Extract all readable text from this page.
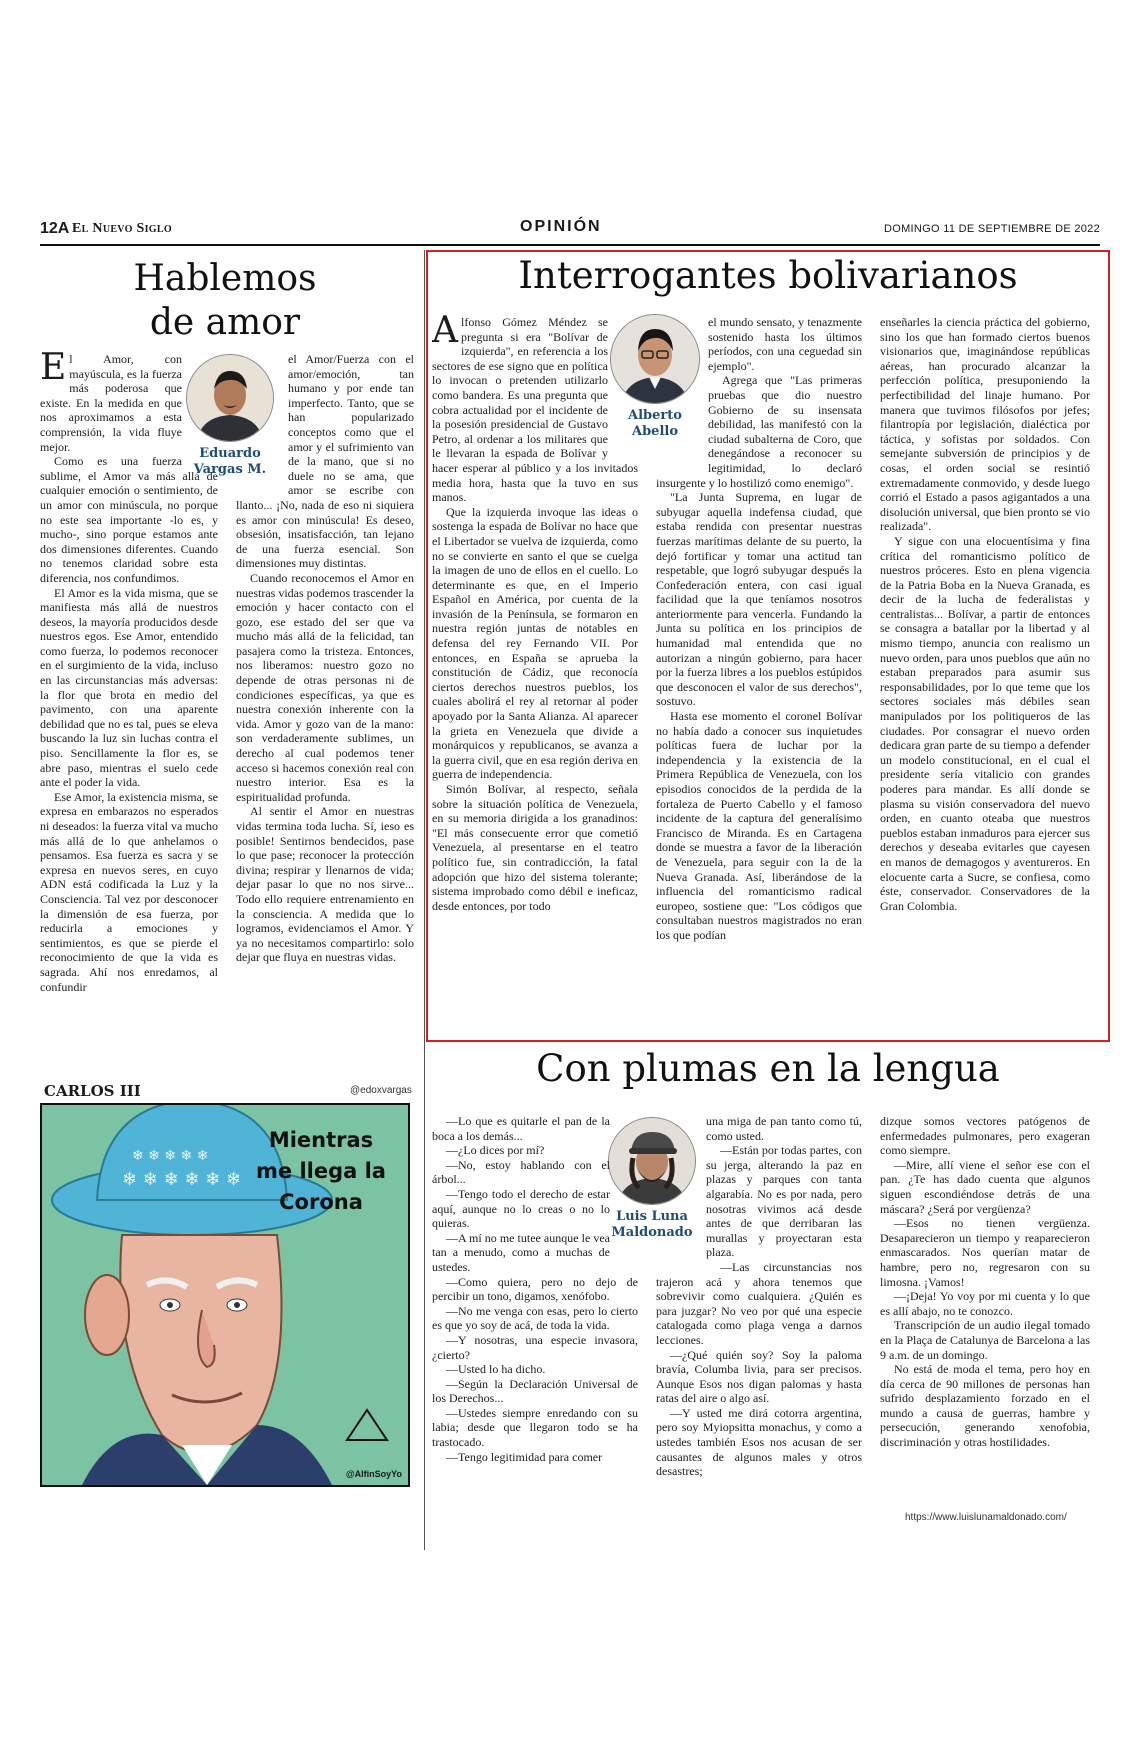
12A El Nuevo Siglo	OPINIÓN	DOMINGO 11 DE SEPTIEMBRE DE 2022
Hablemos
de amor
Eduardo
Vargas M.

El Amor, con mayúscula, es la fuerza más poderosa que existe. En la medida en que nos aproximamos a esta comprensión, la vida fluye mejor.

Como es una fuerza sublime, el Amor va más allá de cualquier emoción o sentimiento, de un amor con minúscula, no porque no este sea importante -lo es, y mucho-, sino porque estamos ante dos dimensiones diferentes. Cuando no tenemos claridad sobre esta diferencia, nos confundimos.

El Amor es la vida misma, que se manifiesta más allá de nuestros deseos, la mayoría producidos desde nuestros egos. Ese Amor, entendido como fuerza, lo podemos reconocer en el surgimiento de la vida, incluso en las circunstancias más adversas: la flor que brota en medio del pavimento, con una aparente debilidad que no es tal, pues se eleva buscando la luz sin luchas contra el piso. Sencillamente la flor es, se abre paso, mientras el suelo cede ante el poder la vida.

Ese Amor, la existencia misma, se expresa en embarazos no esperados ni deseados: la fuerza vital va mucho más allá de lo que anhelamos o pensamos. Esa fuerza es sacra y se expresa en nuevos seres, en cuyo ADN está codificada la Luz y la Consciencia. Tal vez por desconocer la dimensión de esa fuerza, por reducirla a emociones y sentimientos, es que se pierde el reconocimiento de que la vida es sagrada. Ahí nos enredamos, al confundir

el Amor/Fuerza con el amor/emoción, tan humano y por ende tan imperfecto. Tanto, que se han popularizado conceptos como que el amor y el sufrimiento van de la mano, que si no duele no se ama, que amor se escribe con llanto... ¡No, nada de eso ni siquiera es amor con minúscula! Es deseo, obsesión, insatisfacción, tan lejano de una fuerza esencial. Son dimensiones muy distintas.

Cuando reconocemos el Amor en nuestras vidas podemos trascender la emoción y hacer contacto con el gozo, ese estado del ser que va mucho más allá de la felicidad, tan pasajera como la tristeza. Entonces, nos liberamos: nuestro gozo no depende de otras personas ni de condiciones específicas, ya que es nuestra conexión inherente con la vida. Amor y gozo van de la mano: son verdaderamente sublimes, un derecho al cual podemos tener acceso si hacemos conexión real con nuestro interior. Esa es la espiritualidad profunda.

Al sentir el Amor en nuestras vidas termina toda lucha. Sí, ieso es posible! Sentirnos bendecidos, pase lo que pase; reconocer la protección divina; respirar y llenarnos de vida; dejar pasar lo que no nos sirve... Todo ello requiere entrenamiento en la consciencia. A medida que lo logramos, evidenciamos el Amor. Y ya no necesitamos compartirlo: solo dejar que fluya en nuestras vidas.

@edoxvargas
CARLOS III
❄ ❄ ❄ ❄ ❄ ❄
❄ ❄ ❄ ❄ ❄
Mientras
me llega la
Corona
@AlfinSoyYo
Interrogantes bolivarianos
Alberto
Abello

Alfonso Gómez Méndez se pregunta si era "Bolívar de izquierda", en referencia a los sectores de ese signo que en política lo invocan o pretenden utilizarlo como bandera. Es una pregunta que cobra actualidad por el incidente de la posesión presidencial de Gustavo Petro, al ordenar a los militares que le llevaran la espada de Bolívar y hacer esperar al público y a los invitados media hora, hasta que la tuvo en sus manos.

Que la izquierda invoque las ideas o sostenga la espada de Bolívar no hace que el Libertador se vuelva de izquierda, como no se convierte en santo el que se cuelga la imagen de uno de ellos en el cuello. Lo determinante es que, en el Imperio Español en América, por cuenta de la invasión de la Península, se formaron en nuestra región juntas de notables en defensa del rey Fernando VII. Por entonces, en España se aprueba la constitución de Cádiz, que reconocía ciertos derechos nuestros pueblos, los cuales abolirá el rey al retornar al poder apoyado por la Santa Alianza. Al aparecer la grieta en Venezuela que divide a monárquicos y republicanos, se avanza a la guerra civil, que en esa región deriva en guerra de independencia.

Simón Bolívar, al respecto, señala sobre la situación política de Venezuela, en su memoria dirigida a los granadinos: "El más consecuente error que cometió Venezuela, al presentarse en el teatro político fue, sin contradicción, la fatal adopción que hizo del sistema tolerante; sistema improbado como débil e ineficaz, desde entonces, por todo

el mundo sensato, y tenazmente sostenido hasta los últimos períodos, con una ceguedad sin ejemplo".

Agrega que "Las primeras pruebas que dio nuestro Gobierno de su insensata debilidad, las manifestó con la ciudad subalterna de Coro, que denegándose a reconocer su legitimidad, lo declaró insurgente y lo hostilizó como enemigo".

"La Junta Suprema, en lugar de subyugar aquella indefensa ciudad, que estaba rendida con presentar nuestras fuerzas marítimas delante de su puerto, la dejó fortificar y tomar una actitud tan respetable, que logró subyugar después la Confederación entera, con casi igual facilidad que la que teníamos nosotros anteriormente para vencerla. Fundando la Junta su política en los principios de humanidad mal entendida que no autorizan a ningún gobierno, para hacer por la fuerza libres a los pueblos estúpidos que desconocen el valor de sus derechos", sostuvo.

Hasta ese momento el coronel Bolívar no había dado a conocer sus inquietudes políticas fuera de luchar por la independencia y la existencia de la Primera República de Venezuela, con los episodios conocidos de la perdida de la fortaleza de Puerto Cabello y el famoso incidente de la captura del generalísimo Francisco de Miranda. Es en Cartagena donde se muestra a favor de la liberación de Venezuela, para seguir con la de la Nueva Granada. Así, liberándose de la influencia del romanticismo radical europeo, sostiene que: "Los códigos que consultaban nuestros magistrados no eran los que podían

enseñarles la ciencia práctica del gobierno, sino los que han formado ciertos buenos visionarios que, imaginándose repúblicas aéreas, han procurado alcanzar la perfección política, presuponiendo la perfectibilidad del linaje humano. Por manera que tuvimos filósofos por jefes; filantropía por legislación, dialéctica por táctica, y sofistas por soldados. Con semejante subversión de principios y de cosas, el orden social se resintió extremadamente conmovido, y desde luego corrió el Estado a pasos agigantados a una disolución universal, que bien pronto se vio realizada".

Y sigue con una elocuentísima y fina crítica del romanticismo político de nuestros próceres. Esto en plena vigencia de la Patria Boba en la Nueva Granada, es decir de la lucha de federalistas y centralistas... Bolívar, a partir de entonces se consagra a batallar por la libertad y al mismo tiempo, anuncia con realismo un nuevo orden, para unos pueblos que aún no estaban preparados para asumir sus responsabilidades, por lo que teme que los sectores sociales más débiles sean manipulados por los politiqueros de las ciudades. Por consagrar el nuevo orden dedicara gran parte de su tiempo a defender un modelo constitucional, en el cual el presidente sería vitalicio con grandes poderes para mandar. Es allí donde se plasma su visión conservadora del nuevo orden, en cuanto oteaba que nuestros pueblos estaban inmaduros para ejercer sus derechos y deseaba evitarles que cayesen en manos de demagogos y aventureros. En elocuente carta a Sucre, se confiesa, como éste, conservador. Conservadores de la Gran Colombia.

Con plumas en la lengua
Luis Luna
Maldonado

—Lo que es quitarle el pan de la boca a los demás...

—¿Lo dices por mí?

—No, estoy hablando con el árbol...

—Tengo todo el derecho de estar aquí, aunque no lo creas o no lo quieras.

—A mí no me tutee aunque le vea tan a menudo, como a muchas de ustedes.

—Como quiera, pero no dejo de percibir un tono, digamos, xenófobo.

—No me venga con esas, pero lo cierto es que yo soy de acá, de toda la vida.

—Y nosotras, una especie invasora, ¿cierto?

—Usted lo ha dicho.

—Según la Declaración Universal de los Derechos...

—Ustedes siempre enredando con su labia; desde que llegaron todo se ha trastocado.

—Tengo legitimidad para comer

una miga de pan tanto como tú, como usted.

—Están por todas partes, con su jerga, alterando la paz en plazas y parques con tanta algarabía. No es por nada, pero nosotras vivimos acá desde antes de que derribaran las murallas y proyectaran esta plaza.

—Las circunstancias nos trajeron acá y ahora tenemos que sobrevivir como cualquiera. ¿Quién es para juzgar? No veo por qué una especie catalogada como plaga venga a darnos lecciones.

—¿Qué quién soy? Soy la paloma bravía, Columba livia, para ser precisos. Aunque Esos nos digan palomas y hasta ratas del aire o algo así.

—Y usted me dirá cotorra argentina, pero soy Myiopsitta monachus, y como a ustedes también Esos nos acusan de ser causantes de algunos males y otros desastres;

dizque somos vectores patógenos de enfermedades pulmonares, pero exageran como siempre.

—Mire, allí viene el señor ese con el pan. ¿Te has dado cuenta que algunos siguen escondiéndose detrás de una máscara? ¿Será por vergüenza?

—Esos no tienen vergüenza. Desaparecieron un tiempo y reaparecieron enmascarados. Nos querían matar de hambre, pero no, regresaron con su limosna. ¡Vamos!

—¡Deja! Yo voy por mi cuenta y lo que es allí abajo, no te conozco.

Transcripción de un audio ilegal tomado en la Plaça de Catalunya de Barcelona a las 9 a.m. de un domingo.

No está de moda el tema, pero hoy en día cerca de 90 millones de personas han sufrido desplazamiento forzado en el mundo a causa de guerras, hambre y persecución, generando xenofobia, discriminación y otras hostilidades.

https://www.luislunamaldonado.com/
